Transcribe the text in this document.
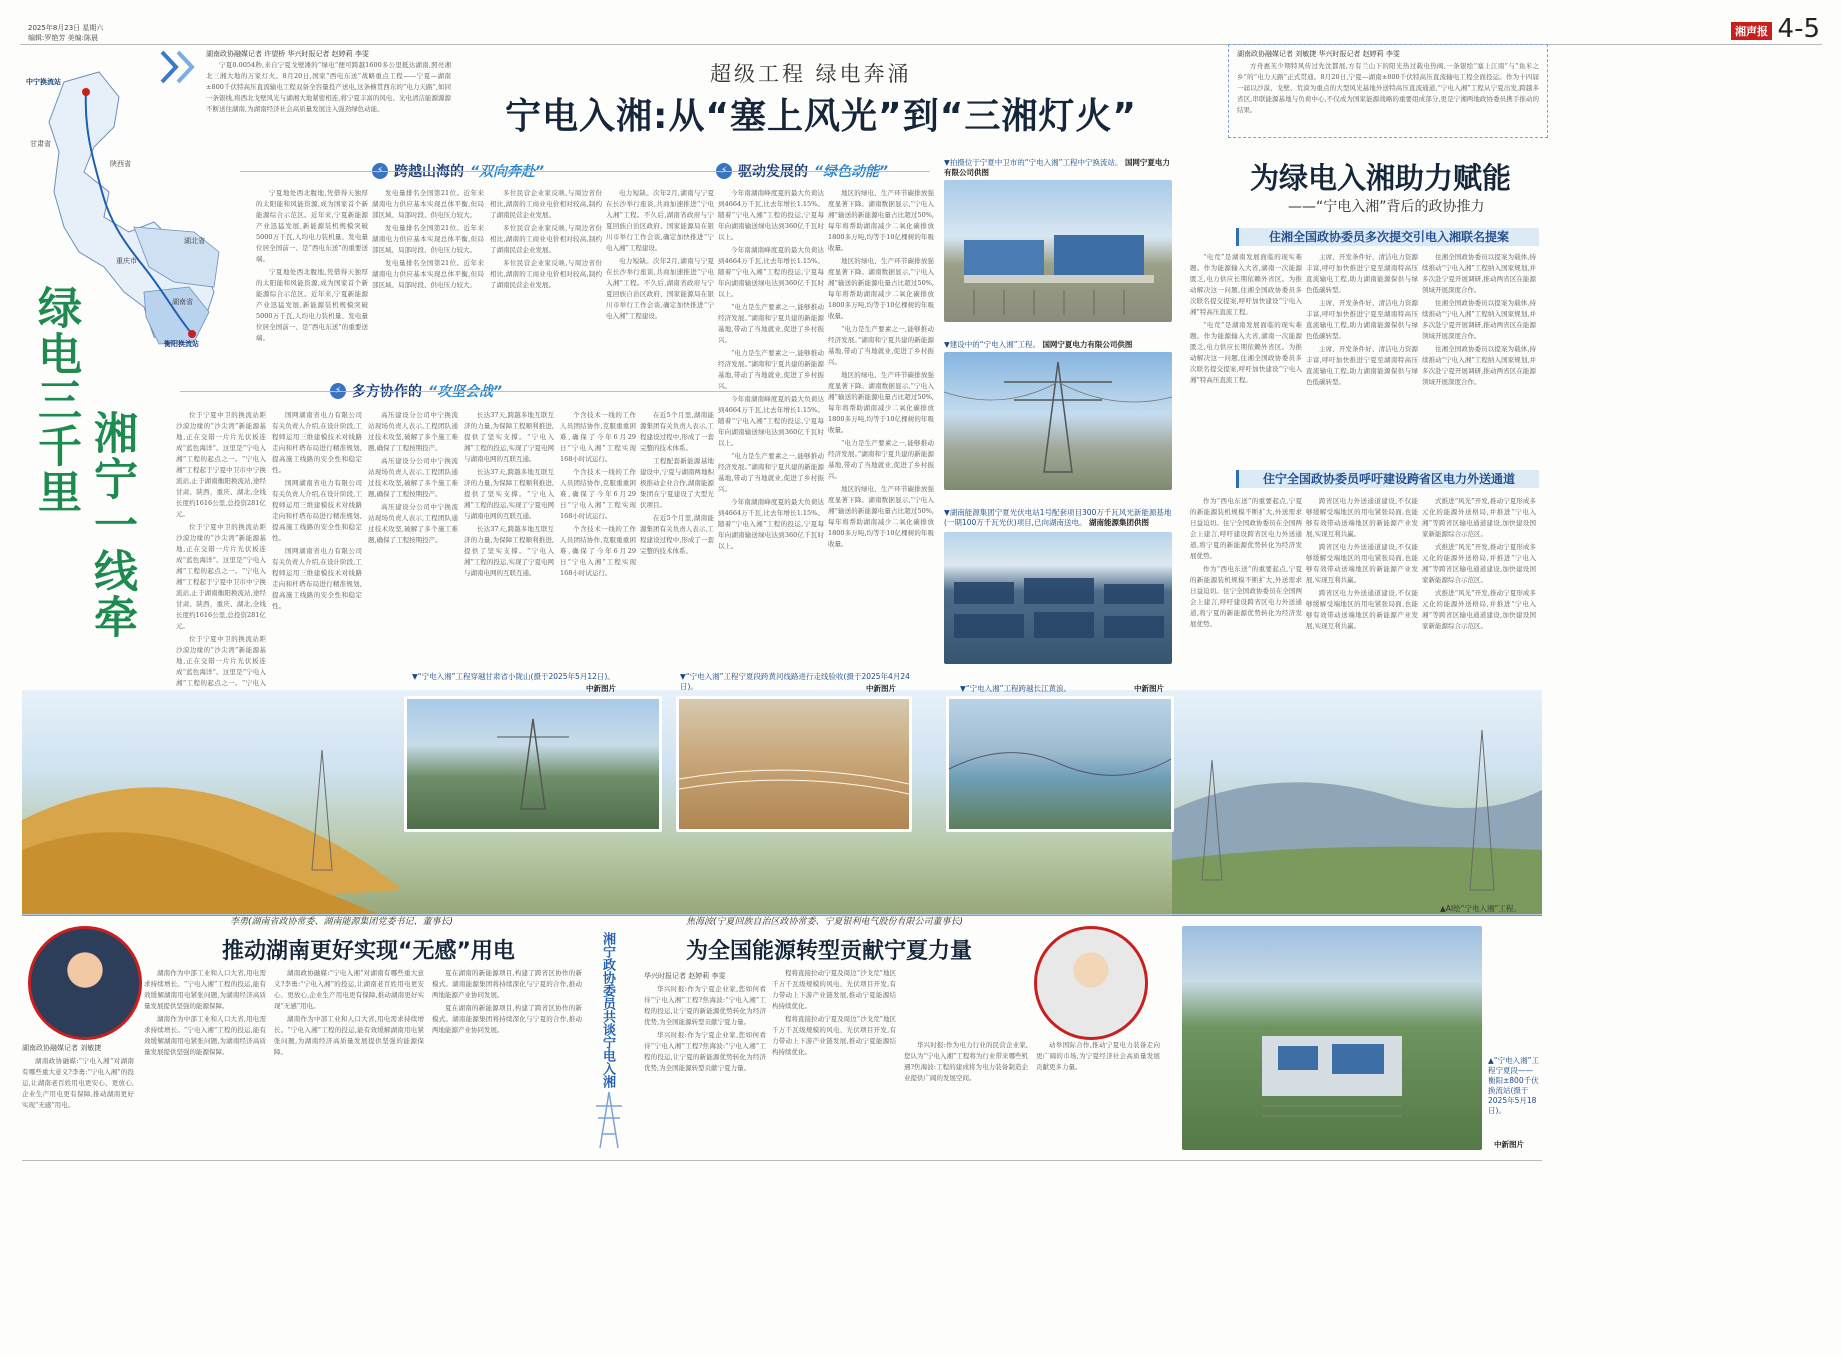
2025年8月23日 星期六
编辑:罗艳芳 美编:陈晨	湘声报 4-5
中宁换流站
甘肃省
陕西省
湖北省
重庆市
湖南省
衡阳换流站
绿电三千里
湘宁一线牵
湖南政协融媒记者 许望桥 华兴时报记者 赵婷莉 李雯

宁夏0.0054秒,来自宁夏戈壁滩的“绿电”便可跨越1600多公里抵达湖南,照亮湘北三湘大地的万家灯火。8月20日,国家“西电东送”战略重点工程——宁夏—湖南±800千伏特高压直流输电工程双备全容量投产送电,这条横贯西东的“电力天路”,如同一条银线,将西北戈壁风光与湖湘大地紧密相连,将宁夏丰富的风电、光电清洁能源源源不断送往湖南,为湖南经济社会高质量发展注入强劲绿色动能。

超级工程 绿电奔涌
宁电入湘:从“塞上风光”到“三湘灯火”
湖南政协融媒记者 刘敏捷 华兴时报记者 赵婷莉 李雯

方舟惠芙少期特风传过先沈都展,方有兰山下的阳光热过载电热阀,一条银绘“塞上江南”与“鱼米之乡”的“电力天路”正式贯通。8月20日,宁夏—湖南±800千伏特高压直流输电工程全面投运。作为十四届一届以沙漠、戈壁、荒漠为重点的大型风光基地外送特高压直流通道,“宁电入湘”工程从宁夏出发,跨越多省区,串联能源基地与负荷中心,不仅成为国家能源战略的重要组成部分,更是宁湘两地政协委员携手推动的结果。

⚡ 跨越山海的 “双向奔赴”	⚡ 驱动发展的 “绿色动能”
⚡ 多方协作的 “攻坚会战”

宁夏地处西北腹地,凭借得天独厚的太阳能和风能资源,成为国家首个新能源综合示范区。近年来,宁夏新能源产业迅猛发展,新能源装机规模突破5000万千瓦,人均电力装机量、发电量位居全国前一、是“西电东送”的重要送端。

宁夏地处西北腹地,凭借得天独厚的太阳能和风能资源,成为国家首个新能源综合示范区。近年来,宁夏新能源产业迅猛发展,新能源装机规模突破5000万千瓦,人均电力装机量、发电量位居全国前一、是“西电东送”的重要送端。

发电量排名全国第21位。近年来湖南电力供应基本实现总体平衡,但局部区域、局部时段、供电压力较大。

发电量排名全国第21位。近年来湖南电力供应基本实现总体平衡,但局部区域、局部时段、供电压力较大。

发电量排名全国第21位。近年来湖南电力供应基本实现总体平衡,但局部区域、局部时段、供电压力较大。

多位民营企业家反映,与周边省份相比,湖南的工商业电价相对较高,制约了湖南民营企业发展。

多位民营企业家反映,与周边省份相比,湖南的工商业电价相对较高,制约了湖南民营企业发展。

多位民营企业家反映,与周边省份相比,湖南的工商业电价相对较高,制约了湖南民营企业发展。

电力短缺。次年2月,湖南与宁夏在长沙举行座谈,共商加速推进“宁电入湘”工程。不久后,湖南省政府与宁夏回族自治区政府、国家能源局在银川市举行工作会谈,确定加快推进“宁电入湘”工程建设。

电力短缺。次年2月,湖南与宁夏在长沙举行座谈,共商加速推进“宁电入湘”工程。不久后,湖南省政府与宁夏回族自治区政府、国家能源局在银川市举行工作会谈,确定加快推进“宁电入湘”工程建设。

今年南湖南峰度夏的最大负荷达到4664万千瓦,比去年增长1.15%。随着“宁电入湘”工程的投运,宁夏每年向湖南输送绿电达到360亿千瓦时以上。

今年南湖南峰度夏的最大负荷达到4664万千瓦,比去年增长1.15%。随着“宁电入湘”工程的投运,宁夏每年向湖南输送绿电达到360亿千瓦时以上。

“电力是生产要素之一,能够推动经济发展。”湖南和宁夏共建的新能源基地,带动了当地就业,促进了乡村振兴。

“电力是生产要素之一,能够推动经济发展。”湖南和宁夏共建的新能源基地,带动了当地就业,促进了乡村振兴。

今年南湖南峰度夏的最大负荷达到4664万千瓦,比去年增长1.15%。随着“宁电入湘”工程的投运,宁夏每年向湖南输送绿电达到360亿千瓦时以上。

“电力是生产要素之一,能够推动经济发展。”湖南和宁夏共建的新能源基地,带动了当地就业,促进了乡村振兴。

今年南湖南峰度夏的最大负荷达到4664万千瓦,比去年增长1.15%。随着“宁电入湘”工程的投运,宁夏每年向湖南输送绿电达到360亿千瓦时以上。

地区的绿电、生产环节碳排放强度显著下降。湖南数据显示,“宁电入湘”输送的新能源电量占比超过50%,每年将帮助湖南减少二氧化碳排放1800多万吨,均等于10亿棵树的年吸收量。

地区的绿电、生产环节碳排放强度显著下降。湖南数据显示,“宁电入湘”输送的新能源电量占比超过50%,每年将帮助湖南减少二氧化碳排放1800多万吨,均等于10亿棵树的年吸收量。

“电力是生产要素之一,能够推动经济发展。”湖南和宁夏共建的新能源基地,带动了当地就业,促进了乡村振兴。

地区的绿电、生产环节碳排放强度显著下降。湖南数据显示,“宁电入湘”输送的新能源电量占比超过50%,每年将帮助湖南减少二氧化碳排放1800多万吨,均等于10亿棵树的年吸收量。

“电力是生产要素之一,能够推动经济发展。”湖南和宁夏共建的新能源基地,带动了当地就业,促进了乡村振兴。

地区的绿电、生产环节碳排放强度显著下降。湖南数据显示,“宁电入湘”输送的新能源电量占比超过50%,每年将帮助湖南减少二氧化碳排放1800多万吨,均等于10亿棵树的年吸收量。

位于宁夏中卫的换流站距沙漠边缘的“沙尖湾”新能源基地,正在交错一片片光伏板连成“蓝色海洋”。这里是“宁电入湘”工程的起点之一。“宁电入湘”工程起于宁夏中卫市中宁换流站,止于湖南衡阳换流站,途经甘肃、陕西、重庆、湖北,全线长度约1616公里,总投资281亿元。

位于宁夏中卫的换流站距沙漠边缘的“沙尖湾”新能源基地,正在交错一片片光伏板连成“蓝色海洋”。这里是“宁电入湘”工程的起点之一。“宁电入湘”工程起于宁夏中卫市中宁换流站,止于湖南衡阳换流站,途经甘肃、陕西、重庆、湖北,全线长度约1616公里,总投资281亿元。

位于宁夏中卫的换流站距沙漠边缘的“沙尖湾”新能源基地,正在交错一片片光伏板连成“蓝色海洋”。这里是“宁电入湘”工程的起点之一。“宁电入

国网湖南省电力有限公司有关负责人介绍,在设计阶段,工程师运用三维建模技术对线路走向和杆塔布局进行精准规划,提高施工线路的安全性和稳定性。

国网湖南省电力有限公司有关负责人介绍,在设计阶段,工程师运用三维建模技术对线路走向和杆塔布局进行精准规划,提高施工线路的安全性和稳定性。

国网湖南省电力有限公司有关负责人介绍,在设计阶段,工程师运用三维建模技术对线路走向和杆塔布局进行精准规划,提高施工线路的安全性和稳定性。

高压建设分公司中宁换流站现场负责人表示,工程团队通过技术攻坚,破解了多个施工难题,确保了工程按期投产。

高压建设分公司中宁换流站现场负责人表示,工程团队通过技术攻坚,破解了多个施工难题,确保了工程按期投产。

高压建设分公司中宁换流站现场负责人表示,工程团队通过技术攻坚,破解了多个施工难题,确保了工程按期投产。

长达37天,跨越多地互联互济的力量,为保障工程顺利推进,提供了坚实支撑。“宁电入湘”工程的投运,实现了宁夏电网与湖南电网的互联互通。

长达37天,跨越多地互联互济的力量,为保障工程顺利推进,提供了坚实支撑。“宁电入湘”工程的投运,实现了宁夏电网与湖南电网的互联互通。

长达37天,跨越多地互联互济的力量,为保障工程顺利推进,提供了坚实支撑。“宁电入湘”工程的投运,实现了宁夏电网与湖南电网的互联互通。

个含技术一线的工作人员团结协作,克服重重困难,确保了今年6月29日“宁电入湘”工程实现168小时试运行。

个含技术一线的工作人员团结协作,克服重重困难,确保了今年6月29日“宁电入湘”工程实现168小时试运行。

个含技术一线的工作人员团结协作,克服重重困难,确保了今年6月29日“宁电入湘”工程实现168小时试运行。

在近5个月里,湖南能源集团有关负责人表示,工程建设过程中,形成了一套完整的技术体系。

工程配套新能源基地建设中,宁夏与湖南两地积极推动企业合作,湖南能源集团在宁夏建设了大型光伏项目。

在近5个月里,湖南能源集团有关负责人表示,工程建设过程中,形成了一套完整的技术体系。

▼拍摄位于宁夏中卫市的“宁电入湘”工程中宁换流站。 国网宁夏电力有限公司供图
▼建设中的“宁电入湘”工程。 国网宁夏电力有限公司供图
▼湖南能源集团宁夏光伏电站1号配套项目300万千瓦风光新能源基地(一期100万千瓦光伏)项目,已向湖南送电。 湖南能源集团供图
为绿电入湘助力赋能
——“宁电入湘”背后的政协推力
住湘全国政协委员多次提交引电入湘联名提案

“电荒”是湖南发展面临的现实难题。作为能源输入大省,湖南一次能源匮乏,电力供应长期依赖外省区。为推动解决这一问题,住湘全国政协委员多次联名提交提案,呼吁加快建设“宁电入湘”特高压直流工程。

“电荒”是湖南发展面临的现实难题。作为能源输入大省,湖南一次能源匮乏,电力供应长期依赖外省区。为推动解决这一问题,住湘全国政协委员多次联名提交提案,呼吁加快建设“宁电入湘”特高压直流工程。

主席、开发条件好、清洁电力资源丰富,呼吁加快推进宁夏至湖南特高压直流输电工程,助力湖南能源保供与绿色低碳转型。

主席、开发条件好、清洁电力资源丰富,呼吁加快推进宁夏至湖南特高压直流输电工程,助力湖南能源保供与绿色低碳转型。

主席、开发条件好、清洁电力资源丰富,呼吁加快推进宁夏至湖南特高压直流输电工程,助力湖南能源保供与绿色低碳转型。

住湘全国政协委员以提案为载体,持续推动“宁电入湘”工程纳入国家规划,并多次赴宁夏开展调研,推动两省区在能源领域开展深度合作。

住湘全国政协委员以提案为载体,持续推动“宁电入湘”工程纳入国家规划,并多次赴宁夏开展调研,推动两省区在能源领域开展深度合作。

住湘全国政协委员以提案为载体,持续推动“宁电入湘”工程纳入国家规划,并多次赴宁夏开展调研,推动两省区在能源领域开展深度合作。

住宁全国政协委员呼吁建设跨省区电力外送通道

作为“西电东送”的重要起点,宁夏的新能源装机规模不断扩大,外送需求日益迫切。住宁全国政协委员在全国两会上建言,呼吁建设跨省区电力外送通道,将宁夏的新能源优势转化为经济发展优势。

作为“西电东送”的重要起点,宁夏的新能源装机规模不断扩大,外送需求日益迫切。住宁全国政协委员在全国两会上建言,呼吁建设跨省区电力外送通道,将宁夏的新能源优势转化为经济发展优势。

跨省区电力外送通道建设,不仅能够缓解受端地区的用电紧张局面,也能够有效带动送端地区的新能源产业发展,实现互利共赢。

跨省区电力外送通道建设,不仅能够缓解受端地区的用电紧张局面,也能够有效带动送端地区的新能源产业发展,实现互利共赢。

跨省区电力外送通道建设,不仅能够缓解受端地区的用电紧张局面,也能够有效带动送端地区的新能源产业发展,实现互利共赢。

式推进“风光”开发,推动宁夏形成多元化的能源外送格局,并推进“宁电入湘”等跨省区输电通道建设,加快建设国家新能源综合示范区。

式推进“风光”开发,推动宁夏形成多元化的能源外送格局,并推进“宁电入湘”等跨省区输电通道建设,加快建设国家新能源综合示范区。

式推进“风光”开发,推动宁夏形成多元化的能源外送格局,并推进“宁电入湘”等跨省区输电通道建设,加快建设国家新能源综合示范区。

▲AI绘“宁电入湘”工程。
▼“宁电入湘”工程穿越甘肃省小陇山(摄于2025年5月12日)。
中新图片
▼“宁电入湘”工程宁夏段跨黄河线路进行走线验收(摄于2025年4月24日)。	中新图片	▼“宁电入湘”工程跨越长江黄浪。	中新图片
李勇(湖南省政协常委、湖南能源集团党委书记、董事长)
推动湖南更好实现“无感”用电
焦海波(宁夏回族自治区政协常委、宁夏银利电气股份有限公司董事长)
为全国能源转型贡献宁夏力量
湖南政协融媒记者 刘敏捷

湖南政协融媒:“宁电入湘”对湖南有哪些重大意义?李勇:“宁电入湘”的投运,让湖南老百姓用电更安心、更放心,企业生产用电更有保障,推动湖南更好实现“无感”用电。

湖南作为中部工业和人口大省,用电需求持续增长。“宁电入湘”工程的投运,能有效缓解湖南用电紧张问题,为湖南经济高质量发展提供坚强的能源保障。

湖南作为中部工业和人口大省,用电需求持续增长。“宁电入湘”工程的投运,能有效缓解湖南用电紧张问题,为湖南经济高质量发展提供坚强的能源保障。

湖南政协融媒:“宁电入湘”对湖南有哪些重大意义?李勇:“宁电入湘”的投运,让湖南老百姓用电更安心、更放心,企业生产用电更有保障,推动湖南更好实现“无感”用电。

湖南作为中部工业和人口大省,用电需求持续增长。“宁电入湘”工程的投运,能有效缓解湖南用电紧张问题,为湖南经济高质量发展提供坚强的能源保障。

夏在湖南的新能源项目,构建了跨省区协作的新模式。湖南能源集团将持续深化与宁夏的合作,推动两地能源产业协同发展。

夏在湖南的新能源项目,构建了跨省区协作的新模式。湖南能源集团将持续深化与宁夏的合作,推动两地能源产业协同发展。	湘宁政协委员共谈宁电入湘	华兴时报记者 赵婷莉 李雯

华兴时报:作为宁夏企业家,您如何看待“宁电入湘”工程?焦海波:“宁电入湘”工程的投运,让宁夏的新能源优势转化为经济优势,为全国能源转型贡献宁夏力量。

华兴时报:作为宁夏企业家,您如何看待“宁电入湘”工程?焦海波:“宁电入湘”工程的投运,让宁夏的新能源优势转化为经济优势,为全国能源转型贡献宁夏力量。

程将直接拉动宁夏及周边“沙戈荒”地区千万千瓦级规模的风电、光伏项目开发,有力带动上下游产业链发展,推动宁夏能源结构持续优化。

程将直接拉动宁夏及周边“沙戈荒”地区千万千瓦级规模的风电、光伏项目开发,有力带动上下游产业链发展,推动宁夏能源结构持续优化。

华兴时报:作为电力行业的民营企业家,您认为“宁电入湘”工程将为行业带来哪些机遇?焦海波:工程的建成将为电力装备制造企业提供广阔的发展空间。

动举国际合作,推动宁夏电力装备走向更广阔的市场,为宁夏经济社会高质量发展贡献更多力量。

▲“宁电入湘”工程宁夏段——衡阳±800千伏换流站(摄于2025年5月18日)。
中新图片
